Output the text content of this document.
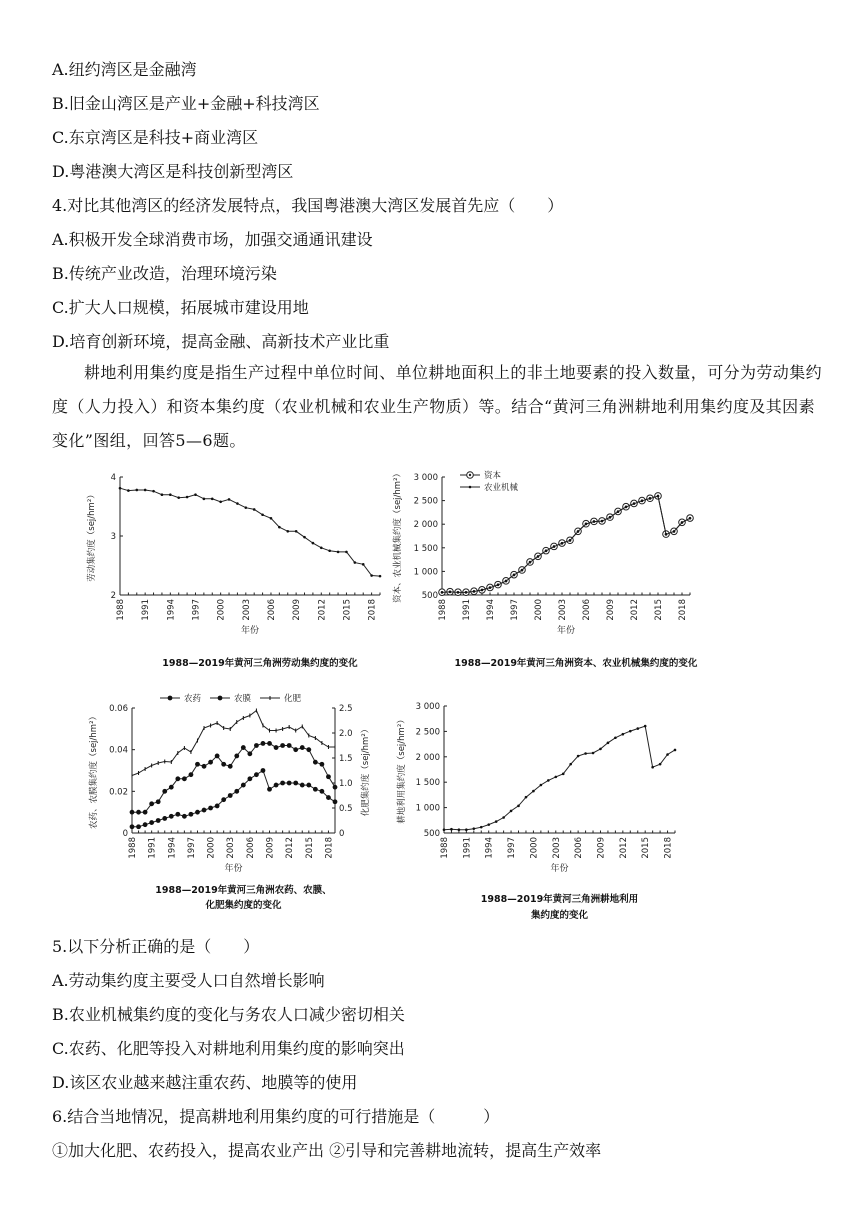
A.纽约湾区是金融湾
B.旧金山湾区是产业+金融+科技湾区
C.东京湾区是科技+商业湾区
D.粤港澳大湾区是科技创新型湾区
4.对比其他湾区的经济发展特点，我国粤港澳大湾区发展首先应（　　）
A.积极开发全球消费市场，加强交通通讯建设
B.传统产业改造，治理环境污染
C.扩大人口规模，拓展城市建设用地
D.培育创新环境，提高金融、高新技术产业比重
耕地利用集约度是指生产过程中单位时间、单位耕地面积上的非土地要素的投入数量，可分为劳动集约度（人力投入）和资本集约度（农业机械和农业生产物质）等。结合“黄河三角洲耕地利用集约度及其因素变化”图组，回答5—6题。
2
3
4
1988 1991 1994 1997 2000 2003 2006 2009 2012 2015 2018
年份
劳动集约度（sej/hm²）
1988—2019年黄河三角洲劳动集约度的变化
500
1 000
1 500
2 000
2 500
3 000
1988 1991 1994 1997 2000 2003 2006 2009 2012 2015 2018
年份
资本、农业机械集约度（sej/hm²）
1988—2019年黄河三角洲资本、农业机械集约度的变化
资本
农业机械
0
0.02
0.04
0.06
0
0.5
1.0
1.5
2.0
2.5
1988 1991 1994 1997 2000 2003 2006 2009 2012 2015 2018
年份
农药、农膜集约度（sej/hm²）	化肥集约度（sej/hm²）
1988—2019年黄河三角洲农药、农膜、
化肥集约度的变化
农药	农膜	化肥
500
1 000
1 500
2 000
2 500
3 000
1988 1991 1994 1997 2000 2003 2006 2009 2012 2015 2018
年份
耕地利用集约度（sej/hm²）
1988—2019年黄河三角洲耕地利用
集约度的变化
5.以下分析正确的是（　　）
A.劳动集约度主要受人口自然增长影响
B.农业机械集约度的变化与务农人口减少密切相关
C.农药、化肥等投入对耕地利用集约度的影响突出
D.该区农业越来越注重农药、地膜等的使用
6.结合当地情况，提高耕地利用集约度的可行措施是（　　　）
①加大化肥、农药投入，提高农业产出 ②引导和完善耕地流转，提高生产效率
